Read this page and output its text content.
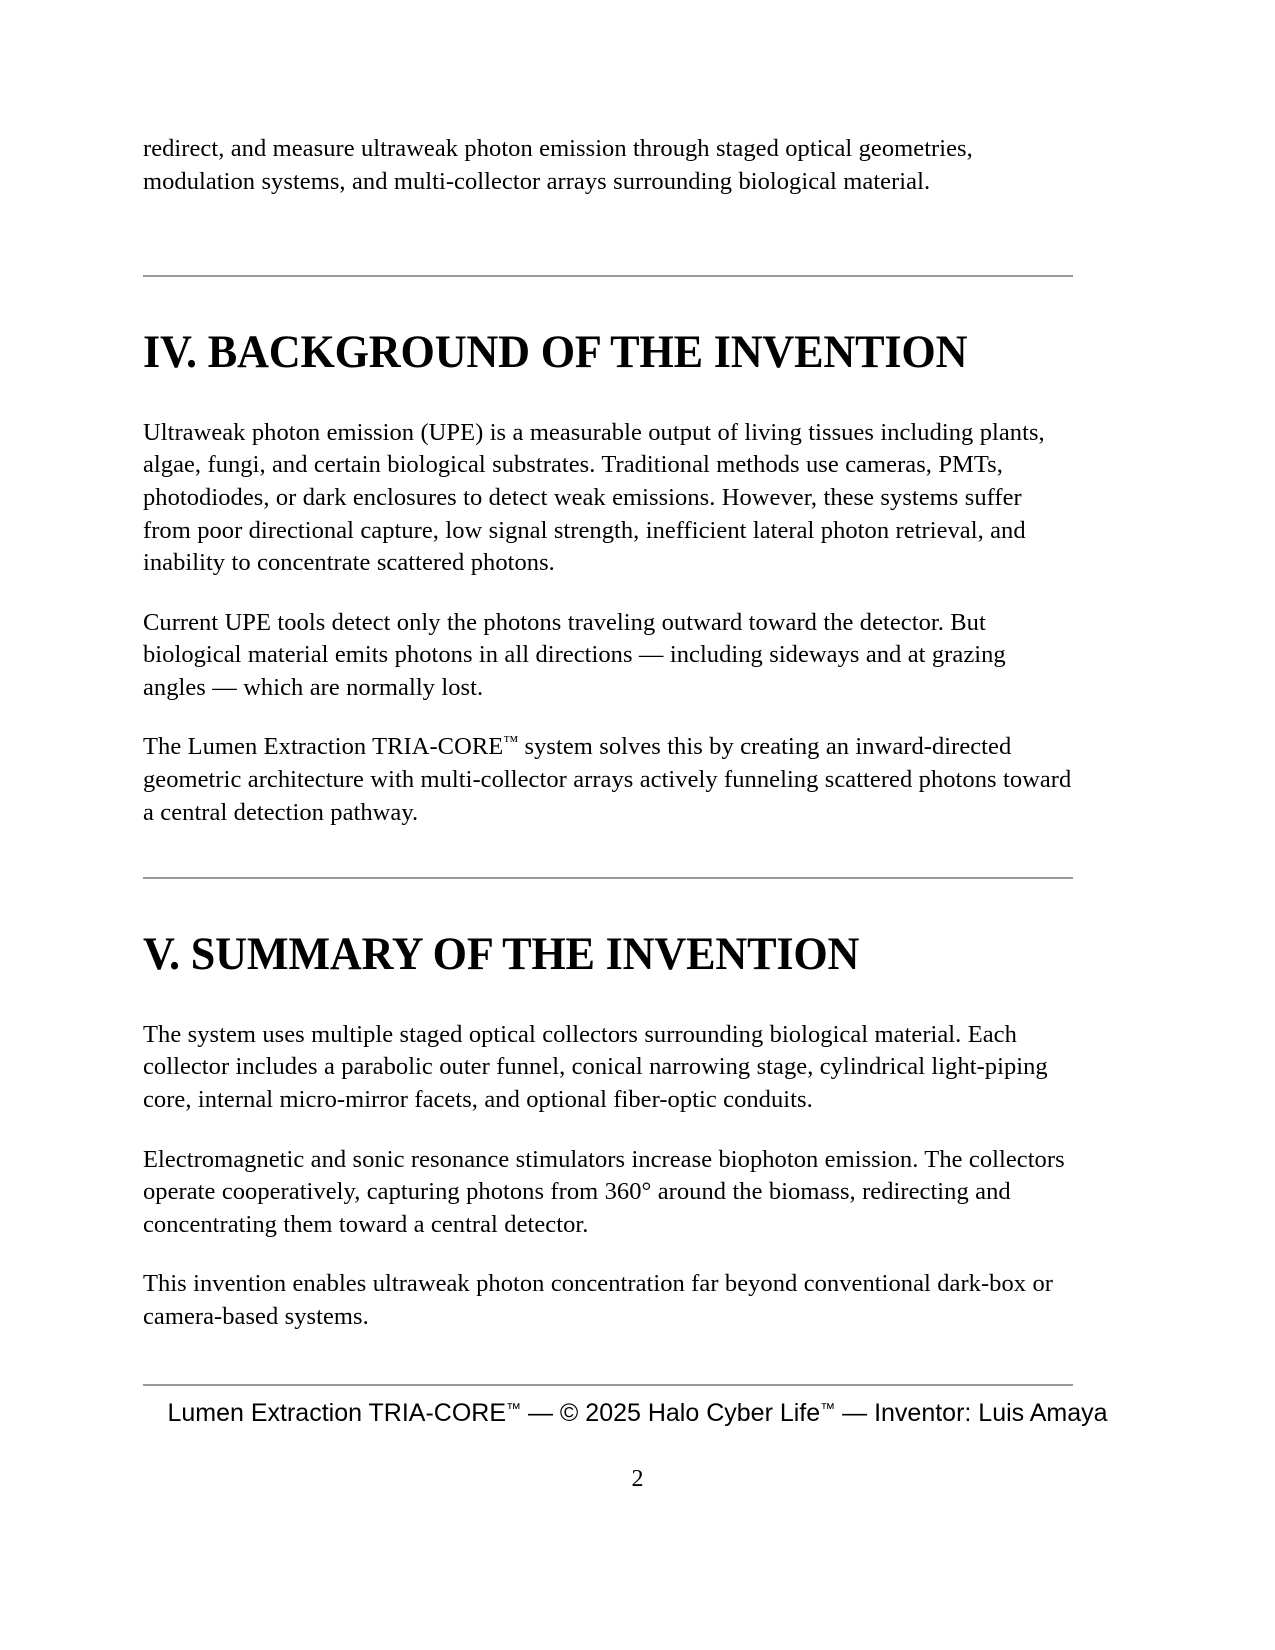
redirect, and measure ultraweak photon emission through staged optical geometries, modulation systems, and multi-collector arrays surrounding biological material.

IV. BACKGROUND OF THE INVENTION

Ultraweak photon emission (UPE) is a measurable output of living tissues including plants, algae, fungi, and certain biological substrates. Traditional methods use cameras, PMTs, photodiodes, or dark enclosures to detect weak emissions. However, these systems suffer from poor directional capture, low signal strength, inefficient lateral photon retrieval, and inability to concentrate scattered photons.

Current UPE tools detect only the photons traveling outward toward the detector. But biological material emits photons in all directions — including sideways and at grazing angles — which are normally lost.

The Lumen Extraction TRIA-CORE™ system solves this by creating an inward-directed geometric architecture with multi-collector arrays actively funneling scattered photons toward a central detection pathway.

V. SUMMARY OF THE INVENTION

The system uses multiple staged optical collectors surrounding biological material. Each collector includes a parabolic outer funnel, conical narrowing stage, cylindrical light-piping core, internal micro-mirror facets, and optional fiber-optic conduits.

Electromagnetic and sonic resonance stimulators increase biophoton emission. The collectors operate cooperatively, capturing photons from 360° around the biomass, redirecting and concentrating them toward a central detector.

This invention enables ultraweak photon concentration far beyond conventional dark-box or camera-based systems.

Lumen Extraction TRIA-CORE™ — © 2025 Halo Cyber Life™ — Inventor: Luis Amaya
2
